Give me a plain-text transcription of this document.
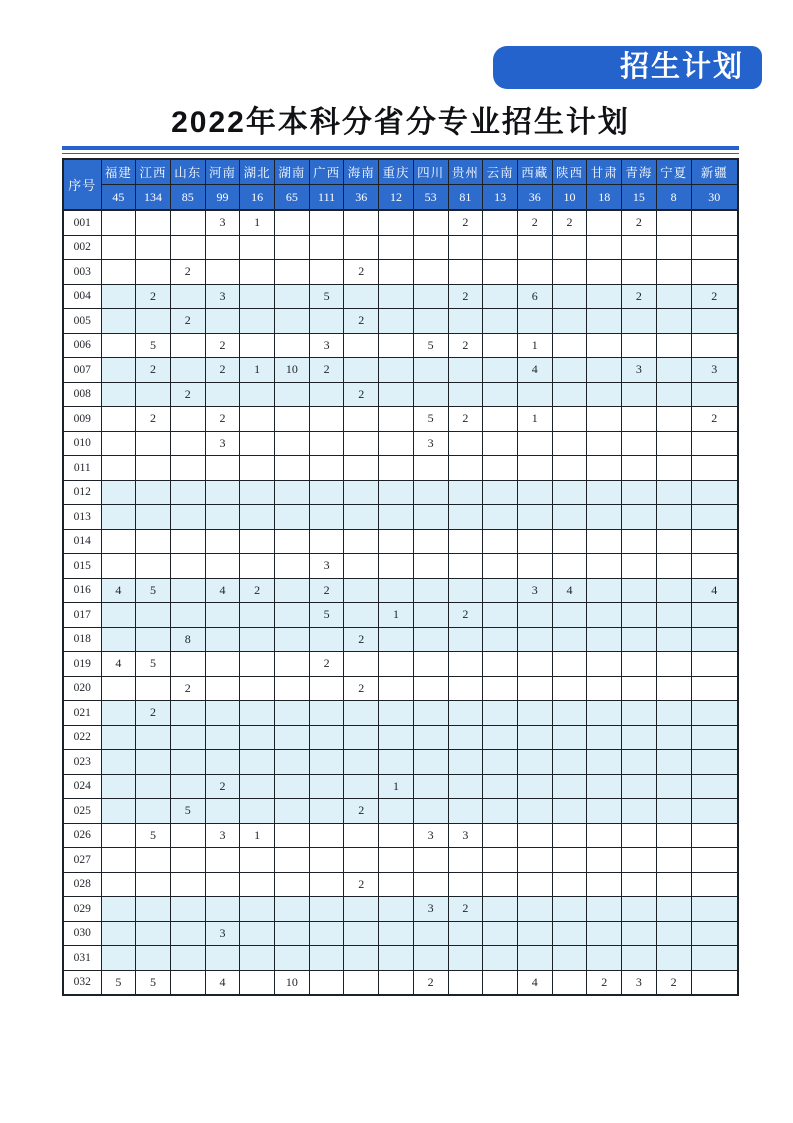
招生计划
2022年本科分省分专业招生计划
序号	福建	江西	山东	河南	湖北	湖南	广西	海南	重庆	四川	贵州	云南	西藏	陕西	甘肃	青海	宁夏	新疆
	45	134	85	99	16	65	111	36	12	53	81	13	36	10	18	15	8	30
001				3	1						2		2	2		2		
002																		
003			2					2										
004		2		3			5				2		6			2		2
005			2					2										
006		5		2			3			5	2		1					
007		2		2	1	10	2						4			3		3
008			2					2										
009		2		2						5	2		1					2
010				3						3								
011																		
012																		
013																		
014																		
015							3											
016	4	5		4	2		2						3	4				4
017							5		1		2							
018			8					2										
019	4	5					2											
020			2					2										
021		2																
022																		
023																		
024				2					1									
025			5					2										
026		5		3	1					3	3							
027																		
028								2										
029										3	2							
030				3														
031																		
032	5	5		4		10				2			4		2	3	2	
